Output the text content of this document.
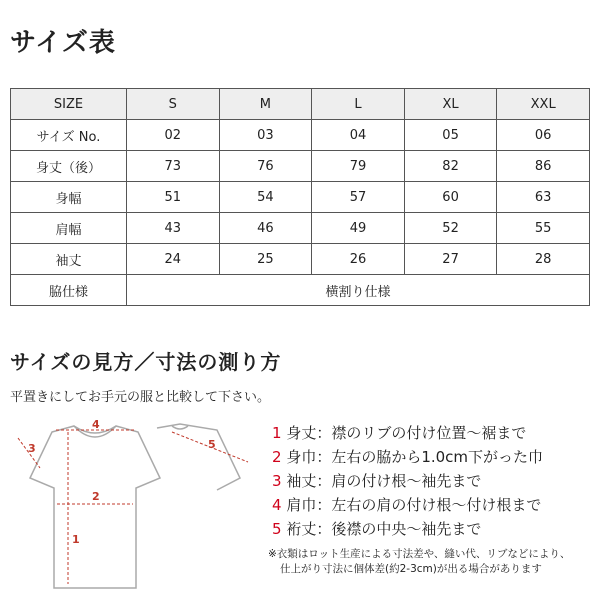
サイズ表
SIZE	S	M	L	XL	XXL
サイズ No.	02	03	04	05	06
身丈（後）	73	76	79	82	86
身幅	51	54	57	60	63
肩幅	43	46	49	52	55
袖丈	24	25	26	27	28
脇仕様	横割り仕様				
サイズの見方／寸法の測り方
平置きにしてお手元の服と比較して下さい。
1
2
3
4
5
1 身丈：襟のリブの付け位置～裾まで
2 身巾：左右の脇から1.0cm下がった巾
3 袖丈：肩の付け根～袖先まで
4 肩巾：左右の肩の付け根～付け根まで
5 裄丈：後襟の中央～袖先まで
※衣類はロット生産による寸法差や、縫い代、リブなどにより、
仕上がり寸法に個体差(約2-3cm)が出る場合があります
